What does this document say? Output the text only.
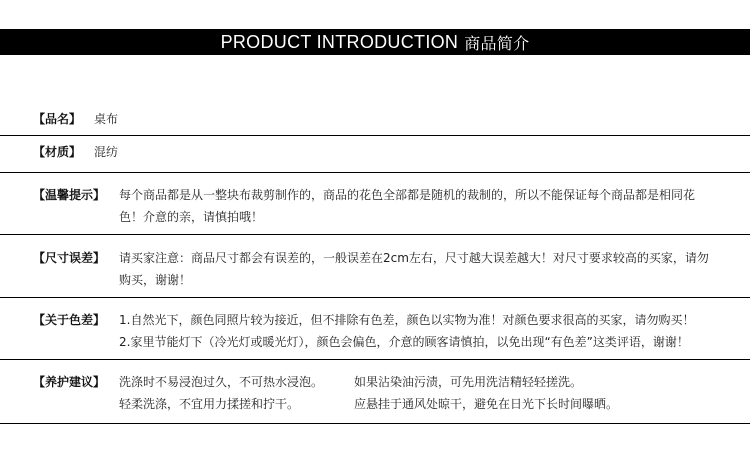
PRODUCT INTRODUCTION 商品简介
【品名】 桌布
【材质】 混纺
【温馨提示】 每个商品都是从一整块布裁剪制作的，商品的花色全部都是随机的裁制的，所以不能保证每个商品都是相同花
色！介意的亲，请慎拍哦！
【尺寸误差】 请买家注意：商品尺寸都会有误差的，一般误差在2cm左右，尺寸越大误差越大！对尺寸要求较高的买家，请勿
购买，谢谢！
【关于色差】 1.自然光下，颜色同照片较为接近，但不排除有色差，颜色以实物为准！对颜色要求很高的买家，请勿购买！
2.家里节能灯下（冷光灯或暖光灯），颜色会偏色，介意的顾客请慎拍，以免出现“有色差”这类评语，谢谢！
【养护建议】 洗涤时不易浸泡过久，不可热水浸泡。
轻柔洗涤，不宜用力揉搓和拧干。
如果沾染油污渍，可先用洗洁精轻轻搓洗。
应悬挂于通风处晾干，避免在日光下长时间曝晒。
